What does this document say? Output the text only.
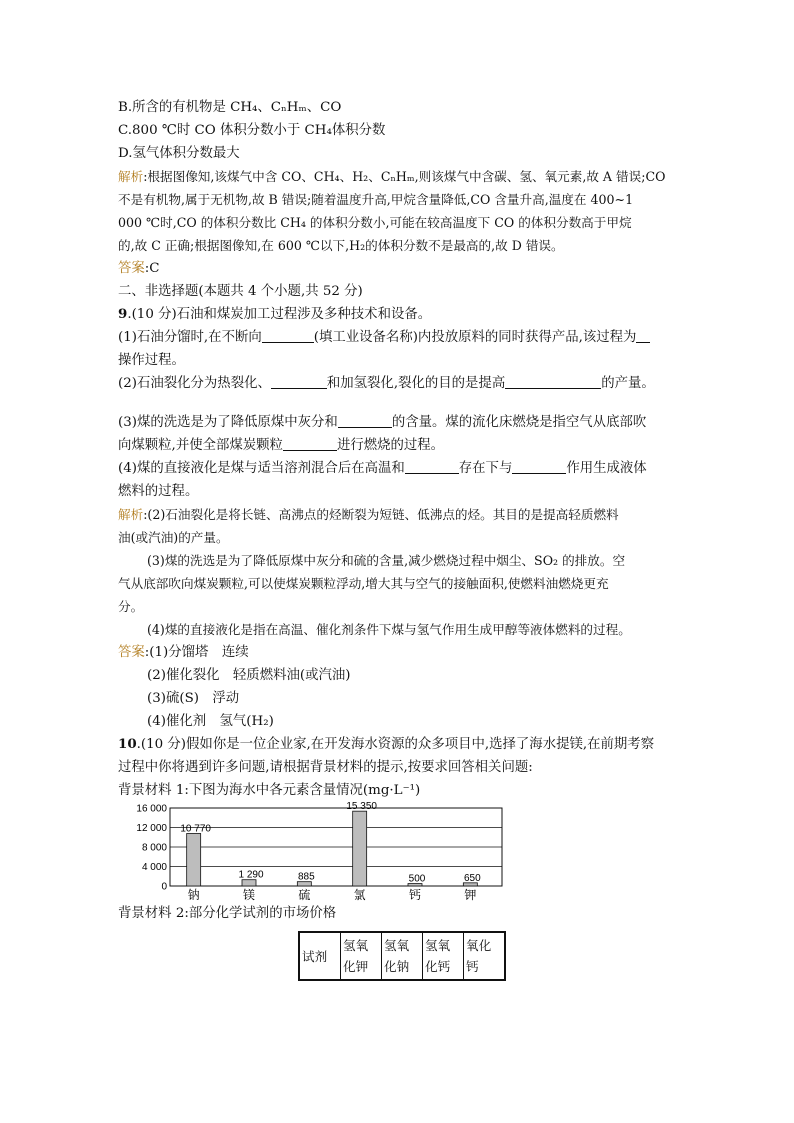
B.所含的有机物是 CH₄、CₙHₘ、CO
C.800 ℃时 CO 体积分数小于 CH₄体积分数
D.氢气体积分数最大
解析:根据图像知,该煤气中含 CO、CH₄、H₂、CₙHₘ,则该煤气中含碳、氢、氧元素,故 A 错误;CO
不是有机物,属于无机物,故 B 错误;随着温度升高,甲烷含量降低,CO 含量升高,温度在 400~1
000 ℃时,CO 的体积分数比 CH₄ 的体积分数小,可能在较高温度下 CO 的体积分数高于甲烷
的,故 C 正确;根据图像知,在 600 ℃以下,H₂的体积分数不是最高的,故 D 错误。
答案:C
二、非选择题(本题共 4 个小题,共 52 分)
9.(10 分)石油和煤炭加工过程涉及多种技术和设备。
(1)石油分馏时,在不断向	(填工业设备名称)内投放原料的同时获得产品,该过程为
操作过程。
(2)石油裂化分为热裂化、	和加氢裂化,裂化的目的是提高	的产量。
(3)煤的洗选是为了降低原煤中灰分和	的含量。煤的流化床燃烧是指空气从底部吹
向煤颗粒,并使全部煤炭颗粒	进行燃烧的过程。
(4)煤的直接液化是煤与适当溶剂混合后在高温和	存在下与	作用生成液体
燃料的过程。
解析:(2)石油裂化是将长链、高沸点的烃断裂为短链、低沸点的烃。其目的是提高轻质燃料
油(或汽油)的产量。
(3)煤的洗选是为了降低原煤中灰分和硫的含量,减少燃烧过程中烟尘、SO₂ 的排放。空
气从底部吹向煤炭颗粒,可以使煤炭颗粒浮动,增大其与空气的接触面积,使燃料油燃烧更充
分。
(4)煤的直接液化是指在高温、催化剂条件下煤与氢气作用生成甲醇等液体燃料的过程。
答案:(1)分馏塔　连续
(2)催化裂化　轻质燃料油(或汽油)
(3)硫(S)　浮动
(4)催化剂　氢气(H₂)
10.(10 分)假如你是一位企业家,在开发海水资源的众多项目中,选择了海水提镁,在前期考察
过程中你将遇到许多问题,请根据背景材料的提示,按要求回答相关问题:
背景材料 1:下图为海水中各元素含量情况(mg·L⁻¹)
16 000
12 000
8 000
4 000
0
10 770
钠
1 290
镁
885
硫
15 350
氯
500
钙
650
钾
背景材料 2:部分化学试剂的市场价格
试剂	氢氧化钾	氢氧化钠	氢氧化钙	氧化钙
